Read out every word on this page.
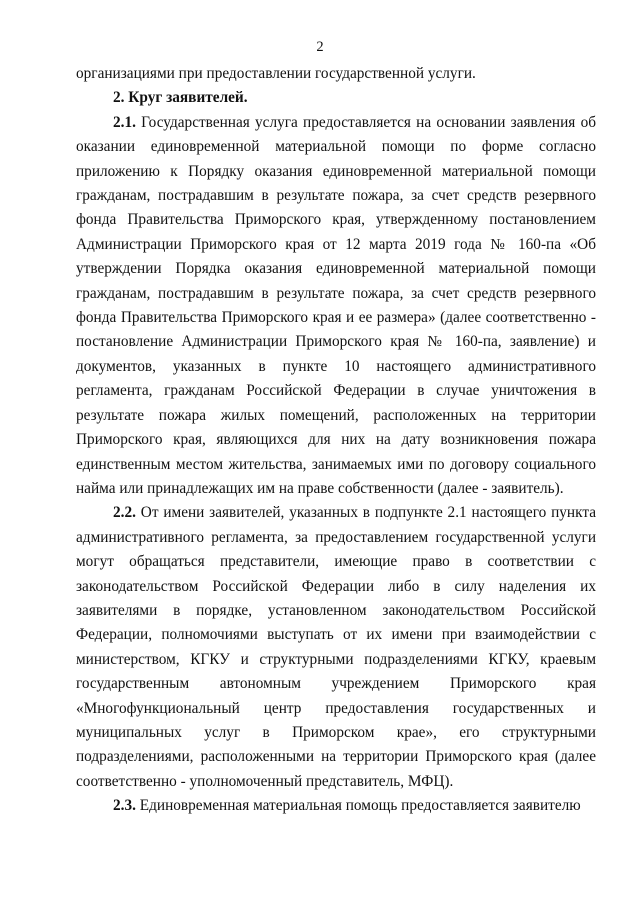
2

организациями при предоставлении государственной услуги.

2. Круг заявителей.

2.1. Государственная услуга предоставляется на основании заявления об оказании единовременной материальной помощи по форме согласно приложению к Порядку оказания единовременной материальной помощи гражданам, пострадавшим в результате пожара, за счет средств резервного фонда Правительства Приморского края, утвержденному постановлением Администрации Приморского края от 12 марта 2019 года № 160-па «Об утверждении Порядка оказания единовременной материальной помощи гражданам, пострадавшим в результате пожара, за счет средств резервного фонда Правительства Приморского края и ее размера» (далее соответственно - постановление Администрации Приморского края № 160-па, заявление) и документов, указанных в пункте 10 настоящего административного регламента, гражданам Российской Федерации в случае уничтожения в результате пожара жилых помещений, расположенных на территории Приморского края, являющихся для них на дату возникновения пожара единственным местом жительства, занимаемых ими по договору социального найма или принадлежащих им на праве собственности (далее - заявитель).

2.2. От имени заявителей, указанных в подпункте 2.1 настоящего пункта административного регламента, за предоставлением государственной услуги могут обращаться представители, имеющие право в соответствии с законодательством Российской Федерации либо в силу наделения их заявителями в порядке, установленном законодательством Российской Федерации, полномочиями выступать от их имени при взаимодействии с министерством, КГКУ и структурными подразделениями КГКУ, краевым государственным автономным учреждением Приморского края «Многофункциональный центр предоставления государственных и муниципальных услуг в Приморском крае», его структурными подразделениями, расположенными на территории Приморского края (далее соответственно - уполномоченный представитель, МФЦ).

2.3. Единовременная материальная помощь предоставляется заявителю
